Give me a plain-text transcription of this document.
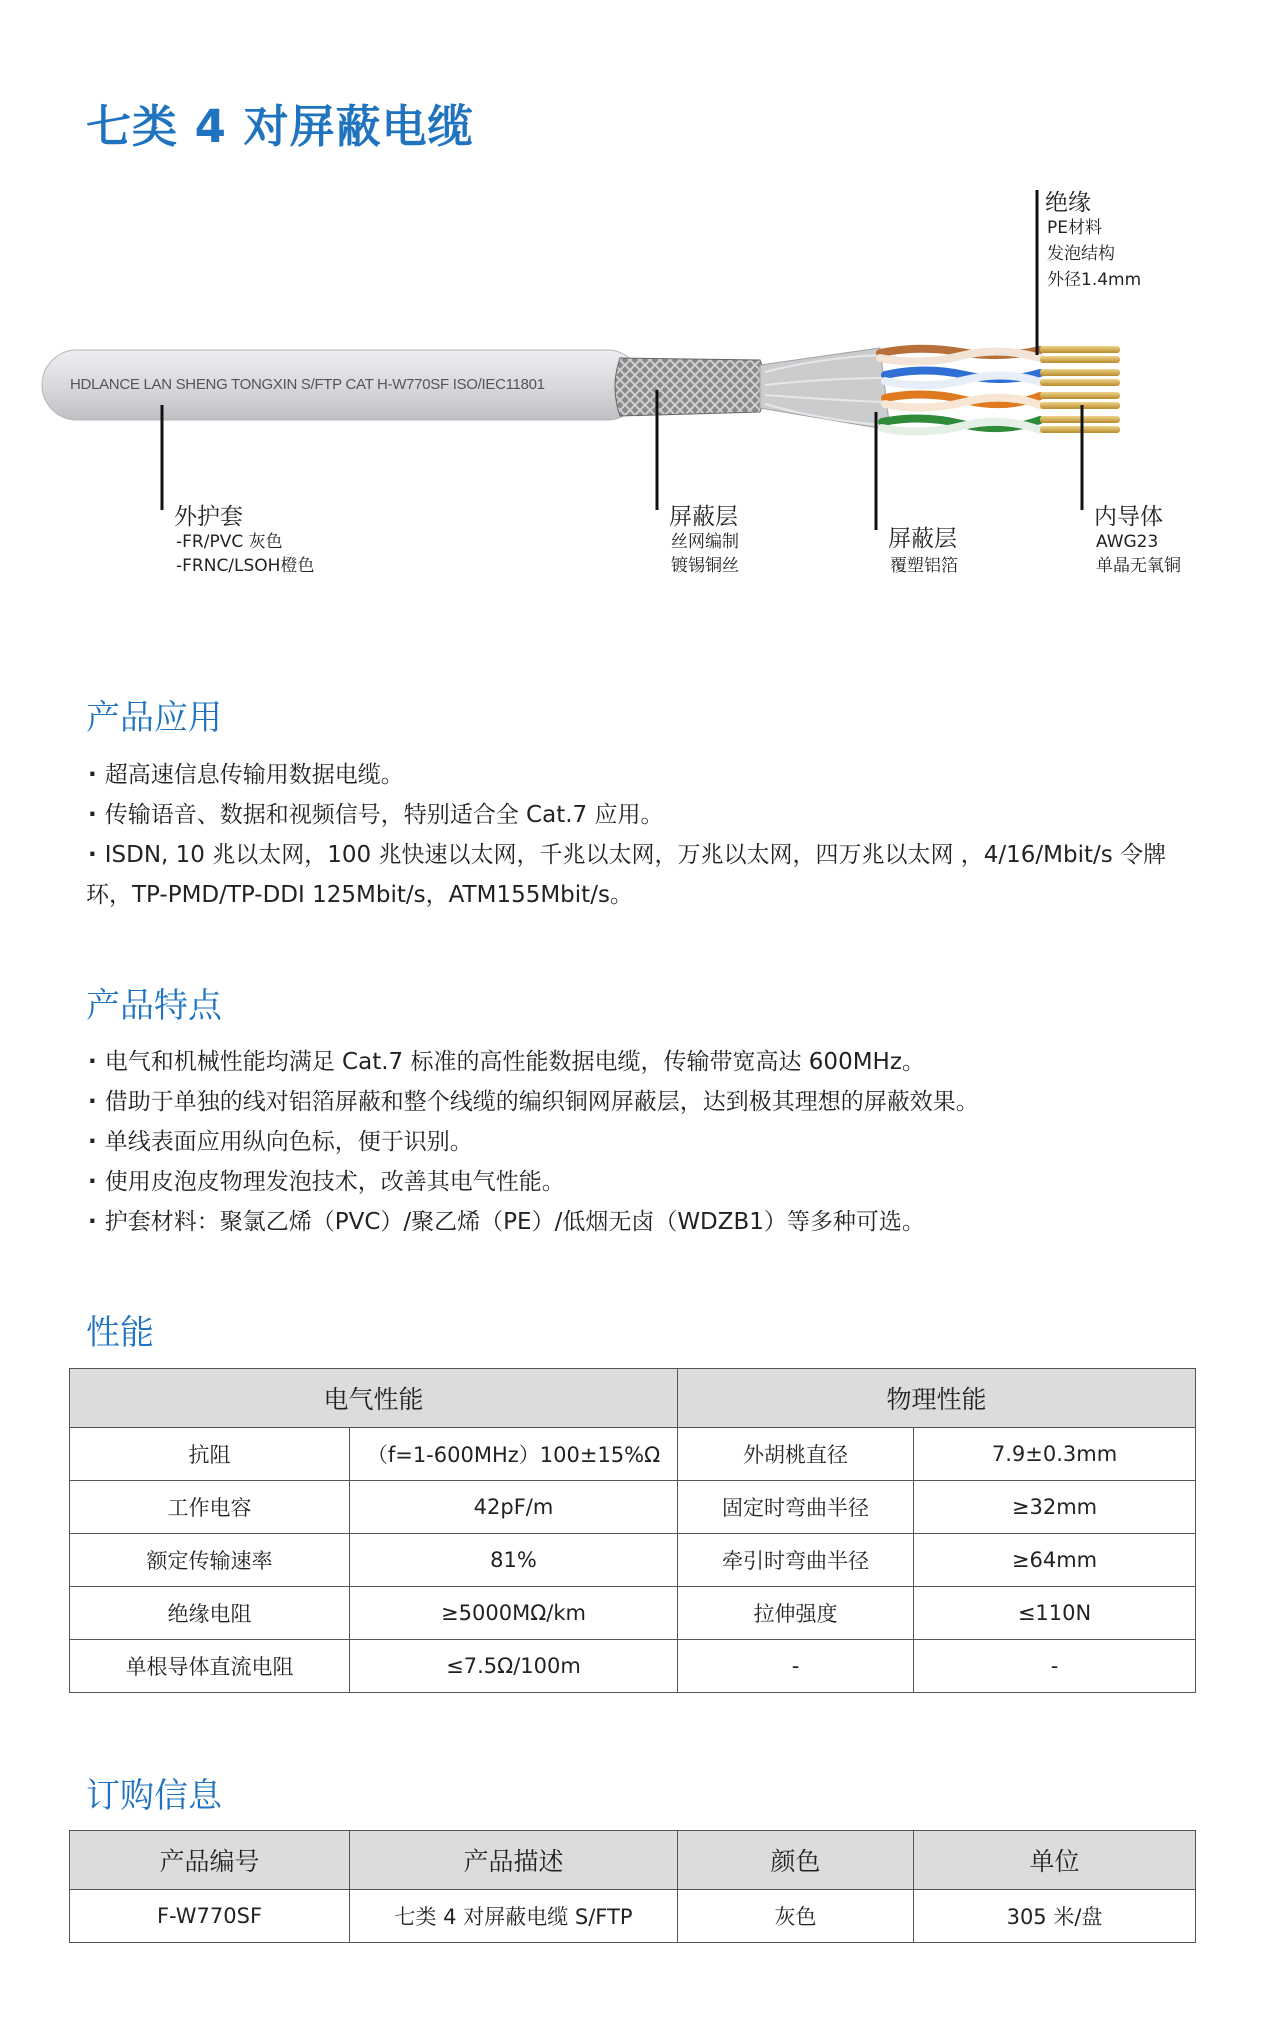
七类 4 对屏蔽电缆
HDLANCE LAN SHENG TONGXIN S/FTP CAT H-W770SF ISO/IEC11801
绝缘
PE材料
发泡结构
外径1.4mm
外护套
-FR/PVC 灰色
-FRNC/LSOH橙色
屏蔽层
丝网编制
镀锡铜丝
屏蔽层
覆塑铝箔
内导体
AWG23
单晶无氧铜
产品应用
· 超高速信息传输用数据电缆。
· 传输语音、数据和视频信号，特别适合全 Cat.7 应用。
· ISDN, 10 兆以太网，100 兆快速以太网，千兆以太网，万兆以太网，四万兆以太网 ，4/16/Mbit/s 令牌环，TP-PMD/TP-DDI 125Mbit/s，ATM155Mbit/s。
产品特点
· 电气和机械性能均满足 Cat.7 标准的高性能数据电缆，传输带宽高达 600MHz。
· 借助于单独的线对铝箔屏蔽和整个线缆的编织铜网屏蔽层，达到极其理想的屏蔽效果。
· 单线表面应用纵向色标，便于识别。
· 使用皮泡皮物理发泡技术，改善其电气性能。
· 护套材料：聚氯乙烯（PVC）/聚乙烯（PE）/低烟无卤（WDZB1）等多种可选。
性能
电气性能		物理性能	
抗阻	（f=1-600MHz）100±15%Ω	外胡桃直径	7.9±0.3mm
工作电容	42pF/m	固定时弯曲半径	≥32mm
额定传输速率	81%	牵引时弯曲半径	≥64mm
绝缘电阻	≥5000MΩ/km	拉伸强度	≤110N
单根导体直流电阻	≤7.5Ω/100m	-	-
订购信息
产品编号	产品描述	颜色	单位
F-W770SF	七类 4 对屏蔽电缆 S/FTP	灰色	305 米/盘
